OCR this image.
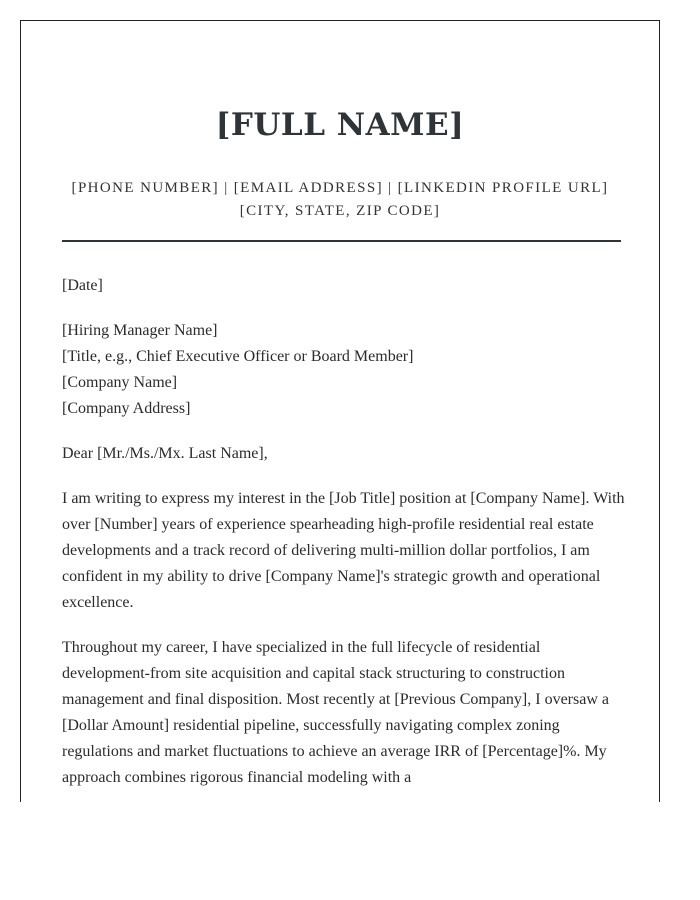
[FULL NAME]
[PHONE NUMBER] | [EMAIL ADDRESS] | [LINKEDIN PROFILE URL]
[CITY, STATE, ZIP CODE]

[Date]

[Hiring Manager Name]
[Title, e.g., Chief Executive Officer or Board Member]
[Company Name]
[Company Address]

Dear [Mr./Ms./Mx. Last Name],

I am writing to express my interest in the [Job Title] position at [Company Name]. With over [Number] years of experience spearheading high-profile residential real estate developments and a track record of delivering multi-million dollar portfolios, I am confident in my ability to drive [Company Name]'s strategic growth and operational excellence.

Throughout my career, I have specialized in the full lifecycle of residential development-from site acquisition and capital stack structuring to construction management and final disposition. Most recently at [Previous Company], I oversaw a [Dollar Amount] residential pipeline, successfully navigating complex zoning regulations and market fluctuations to achieve an average IRR of [Percentage]%. My approach combines rigorous financial modeling with a
